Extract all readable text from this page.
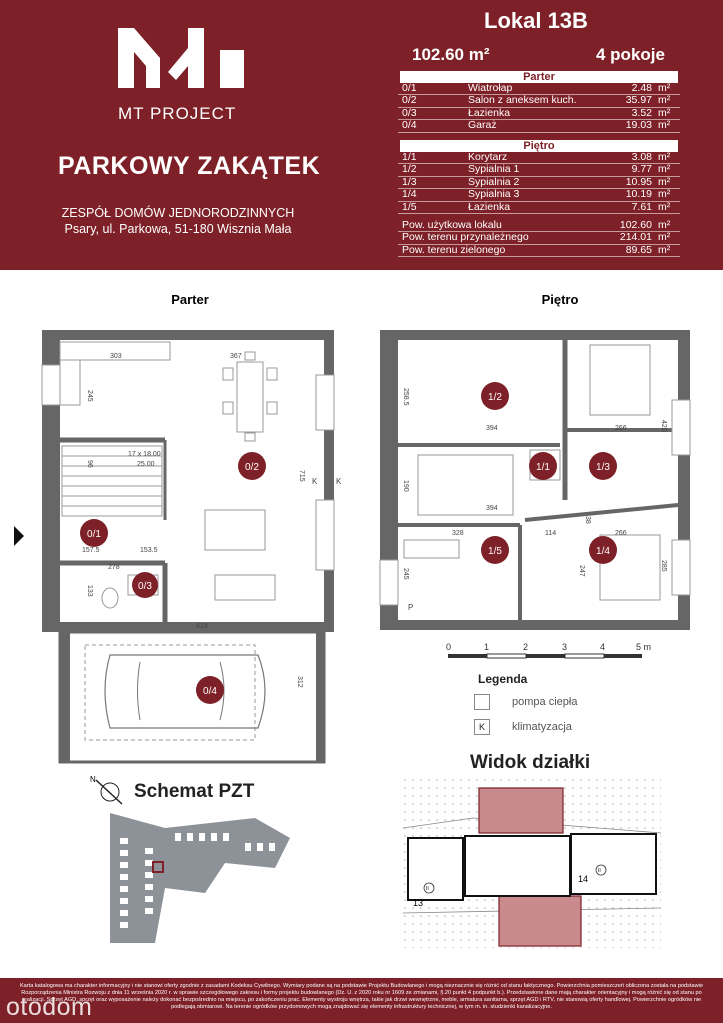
MT PROJECT
PARKOWY ZAKĄTEK
ZESPÓŁ DOMÓW JEDNORODZINNYCH
Psary, ul. Parkowa, 51-180 Wisznia Mała
Lokal 13B
102.60 m²	4 pokoje
Parter
0/1	Wiatrołap	2.48 m²
0/2	Salon z aneksem kuch.	35.97 m²
0/3	Łazienka	3.52 m²
0/4	Garaż	19.03 m²
Piętro
1/1	Korytarz	3.08 m²
1/2	Sypialnia 1	9.77 m²
1/3	Sypialnia 2	10.95 m²
1/4	Sypialnia 3	10.19 m²
1/5	Łazienka	7.61 m²
Pow. użytkowa lokalu	102.60 m²
Pow. terenu przynależnego	214.01 m²
Pow. terenu zielonego	89.65 m²
Parter	Piętro
0/1
0/2
0/3
0/4
1/1
1/2
1/3
1/4
1/5
303	367
245
715
17 x 18.00
25.00
96
157.5	153.5
278
133
619
312
258.5
394	266	420
190
394
328	114	266
245	247	285
38
K K
P
0	1	2	3	4	5 m
Legenda
pompa ciepła
K	klimatyzacja
N
Schemat PZT
Widok działki
13
14
II
II
Karta katalogowa ma charakter informacyjny i nie stanowi oferty zgodnie z zasadami Kodeksu Cywilnego. Wymiary podane są na podstawie Projektu Budowlanego i mogą nieznacznie się różnić od stanu faktycznego. Powierzchnia pomieszczeń obliczona została na podstawie Rozporządzenia Ministra Rozwoju z dnia 11 września 2020 r. w sprawie szczegółowego zakresu i formy projektu budowlanego (Dz. U. z 2020 roku nr 1609 ze zmianami, §.20 punkt 4 podpunkt b.). Przedstawione dane mają charakter orientacyjny i mogą różnić się od stanu po realizacji. Sprzęt AGD, sprzęt oraz wyposażenie należy dokonać bezpośrednio na miejscu, po zakończeniu prac. Elementy wystroju wnętrza, takie jak drzwi wewnętrzne, meble, armatura sanitarna, sprzęt AGD i RTV, nie stanowią oferty handlowej. Powierzchnie ogródków nie podlegają obmiarowi. Na terenie ogródków przydomowych mogą znajdować się elementy infrastruktury technicznej, w tym m. in. studzienki kanalizacyjne.
otodom
